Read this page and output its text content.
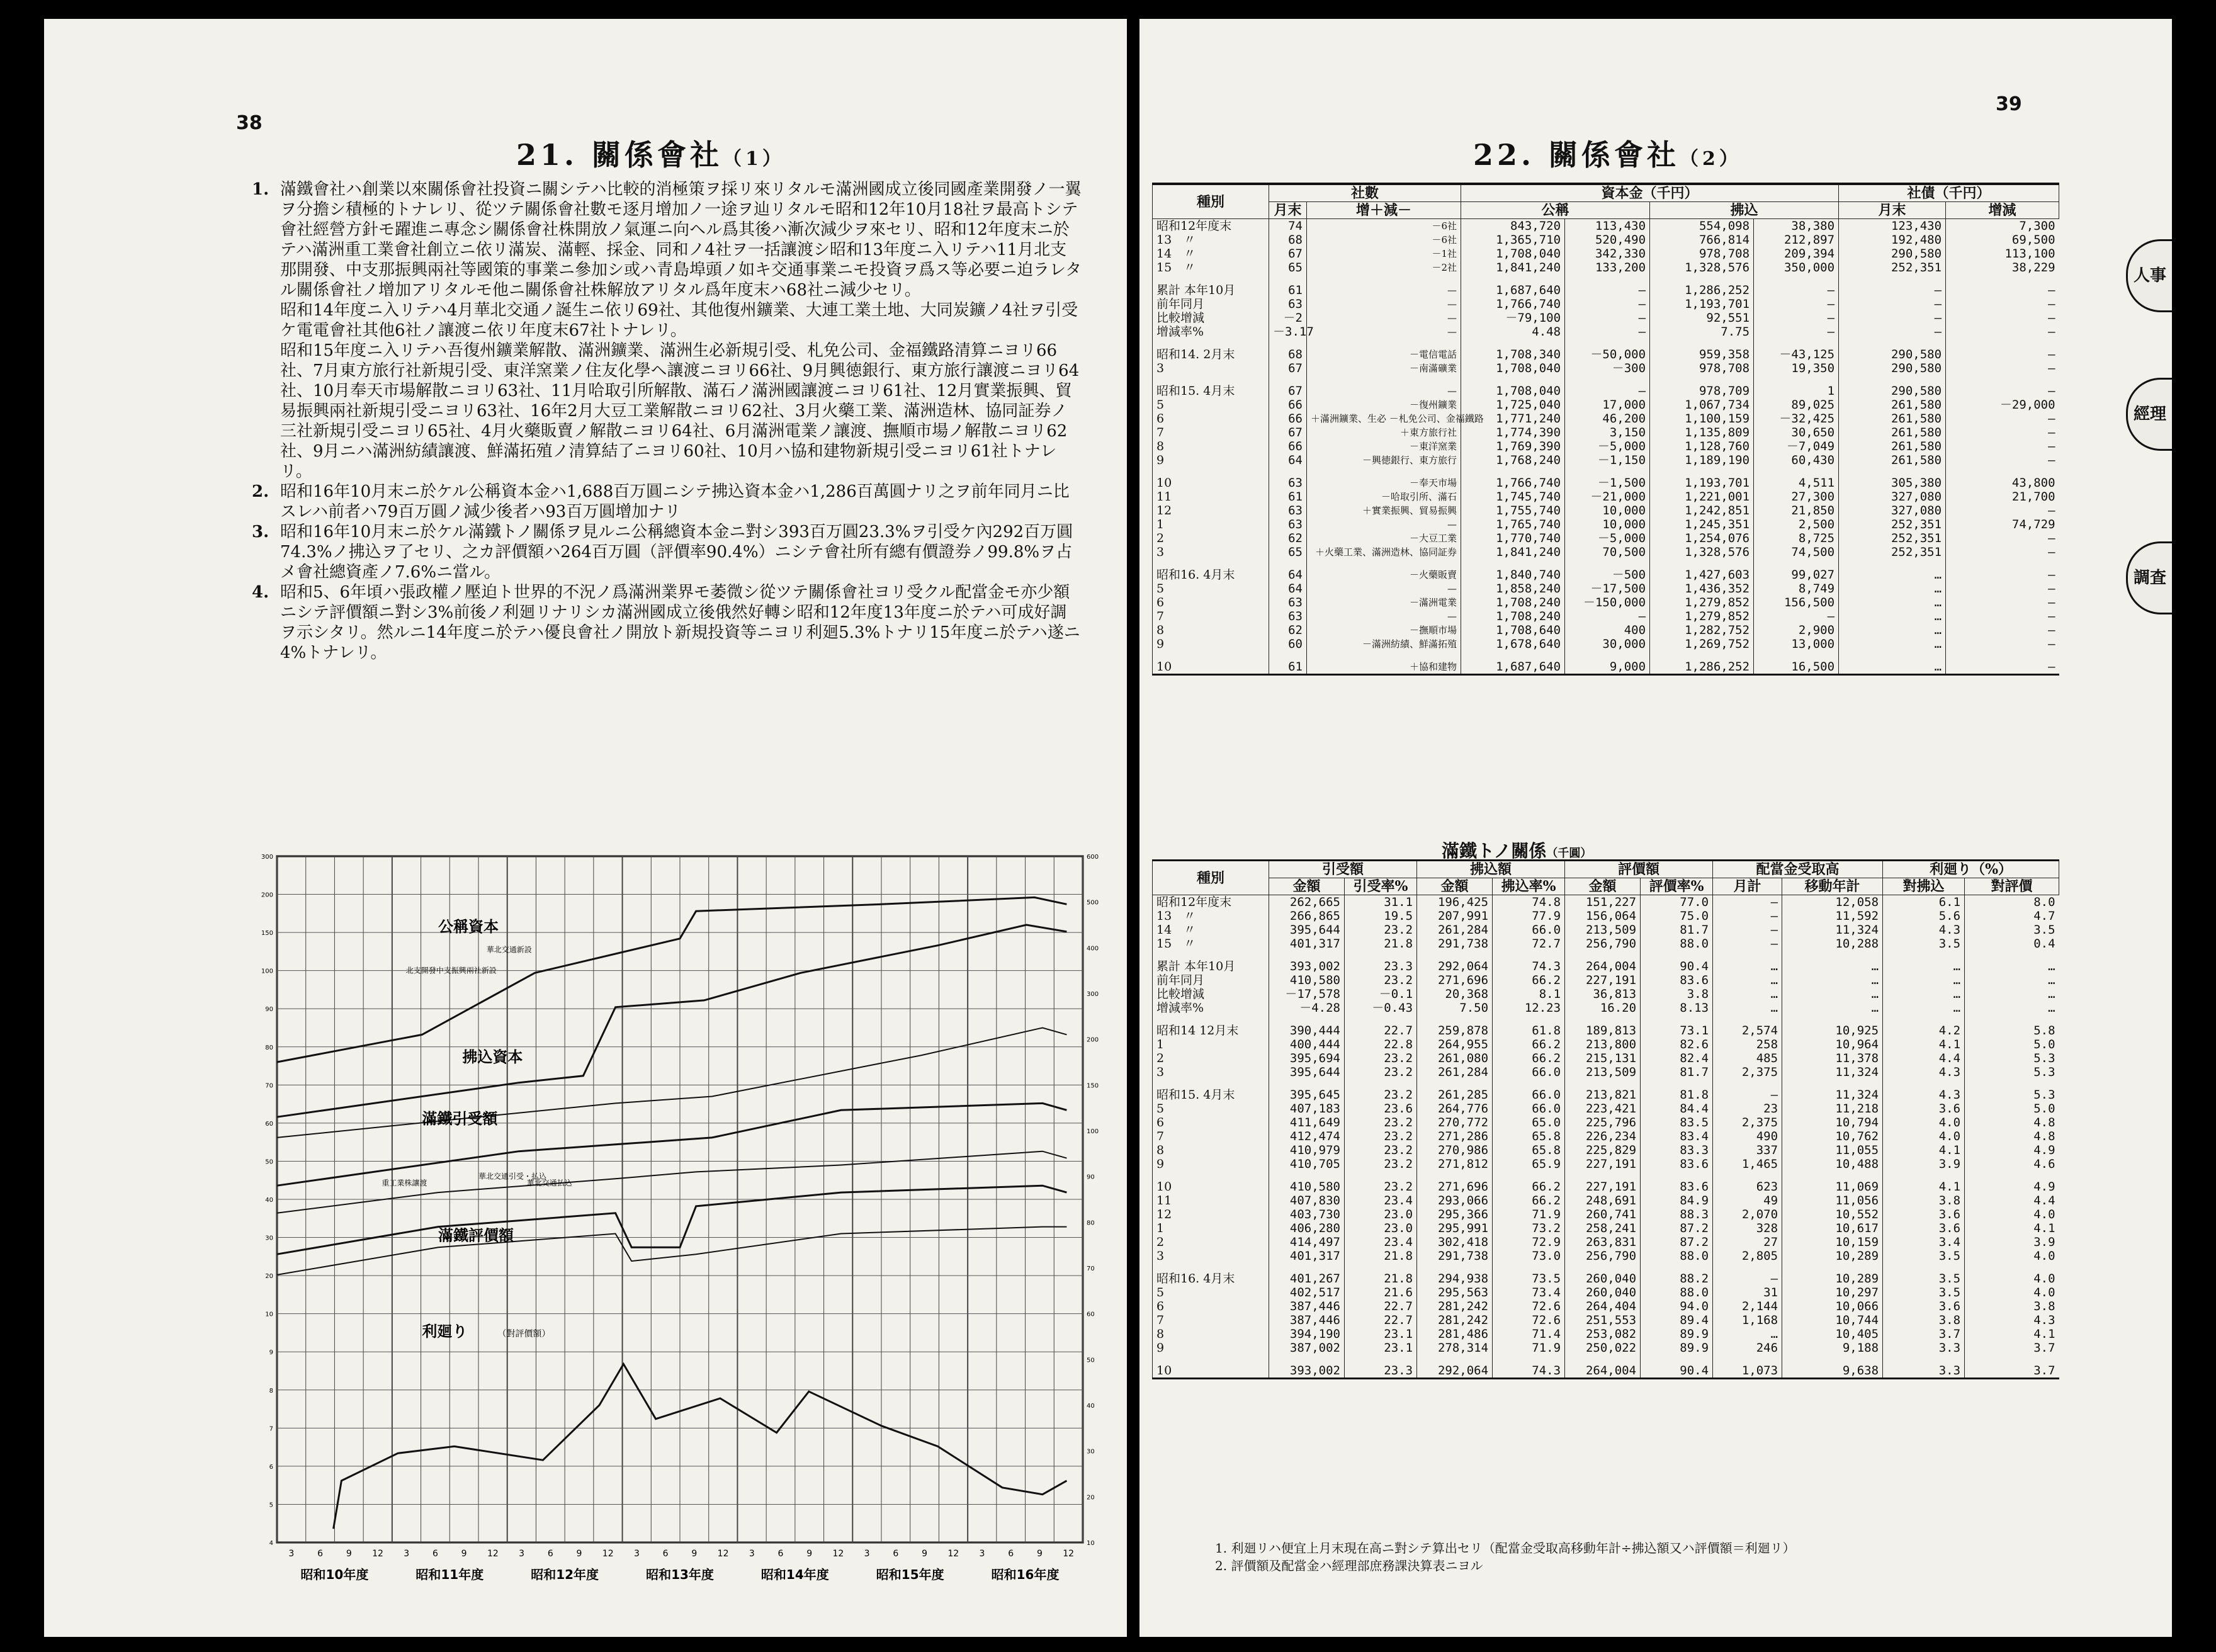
38
21. 關係會社（1）
1. 滿鐵會社ハ創業以來關係會社投資ニ關シテハ比較的消極策ヲ採リ來リタルモ滿洲國成立後同國產業開發ノ一翼ヲ分擔シ積極的トナレリ、從ツテ關係會社數モ逐月增加ノ一途ヲ辿リタルモ昭和12年10月18社ヲ最高トシテ會社經營方針モ躍進ニ專念シ關係會社株開放ノ氣運ニ向ヘル爲其後ハ漸次減少ヲ來セリ、昭和12年度末ニ於テハ滿洲重工業會社創立ニ依リ滿炭、滿輕、採金、同和ノ4社ヲ一括讓渡シ昭和13年度ニ入リテハ11月北支那開發、中支那振興兩社等國策的事業ニ參加シ或ハ青島埠頭ノ如キ交通事業ニモ投資ヲ爲ス等必要ニ迫ラレタル關係會社ノ增加アリタルモ他ニ關係會社株解放アリタル爲年度末ハ68社ニ減少セリ。
昭和14年度ニ入リテハ4月華北交通ノ誕生ニ依リ69社、其他復州鑛業、大連工業土地、大同炭鑛ノ4社ヲ引受ケ電電會社其他6社ノ讓渡ニ依リ年度末67社トナレリ。
昭和15年度ニ入リテハ吾復州鑛業解散、滿洲鑛業、滿洲生必新規引受、札免公司、金福鐵路清算ニヨリ66社、7月東方旅行社新規引受、東洋窯業ノ住友化學ヘ讓渡ニヨリ66社、9月興徳銀行、東方旅行讓渡ニヨリ64社、10月奉天市場解散ニヨリ63社、11月哈取引所解散、滿石ノ滿洲國讓渡ニヨリ61社、12月實業振興、貿易振興兩社新規引受ニヨリ63社、16年2月大豆工業解散ニヨリ62社、3月火藥工業、滿洲造林、協同証券ノ三社新規引受ニヨリ65社、4月火藥販賣ノ解散ニヨリ64社、6月滿洲電業ノ讓渡、撫順市場ノ解散ニヨリ62社、9月ニハ滿洲紡績讓渡、鮮滿拓殖ノ清算結了ニヨリ60社、10月ハ協和建物新規引受ニヨリ61社トナレリ。
2. 昭和16年10月末ニ於ケル公稱資本金ハ1,688百万圓ニシテ拂込資本金ハ1,286百萬圓ナリ之ヲ前年同月ニ比スレハ前者ハ79百万圓ノ減少後者ハ93百万圓增加ナリ
3. 昭和16年10月末ニ於ケル滿鐵トノ關係ヲ見ルニ公稱總資本金ニ對シ393百万圓23.3%ヲ引受ケ內292百万圓74.3%ノ拂込ヲ了セリ、之カ評價額ハ264百万圓（評價率90.4%）ニシテ會社所有總有價證券ノ99.8%ヲ占メ會社總資產ノ7.6%ニ當ル。
4. 昭和5、6年頃ハ張政權ノ壓迫ト世界的不況ノ爲滿洲業界モ萎微シ從ツテ關係會社ヨリ受クル配當金モ亦少額ニシテ評價額ニ對シ3%前後ノ利廻リナリシカ滿洲國成立後俄然好轉シ昭和12年度13年度ニ於テハ可成好調ヲ示シタリ。然ルニ14年度ニ於テハ優良會社ノ開放ト新規投資等ニヨリ利廻5.3%トナリ15年度ニ於テハ遂ニ4%トナレリ。
300
200
150
100
90
80
70
60
50
40
30
20
10
9
8
7
6
5
4
600
500
400
300
200
150
100
90
80
70
60
50
40
30
20
10
3	6	9 12 3	6	9 12 3	6	9 12 3	6	9 12 3	6	9 12 3	6	9 12 3	6	9 12
昭和10年度	昭和11年度	昭和12年度	昭和13年度	昭和14年度	昭和15年度	昭和16年度
公稱資本
拂込資本
滿鐵引受額
滿鐵評價額
利廻り	（對評價額）
北支開發中支振興兩社新設
華北交通新設
重工業株讓渡
華北交通引受・払込
華北交通払込
39
22. 關係會社（2）
種別	社數		資本金（千円）				社債（千円）	
	月末	增＋減－	公稱		拂込		月末	增減
昭和12年度末	74	－6社	843,720	113,430	554,098	38,380	123,430	7,300
13　〃	68	－6社	1,365,710	520,490	766,814	212,897	192,480	69,500
14　〃	67	－1社	1,708,040	342,330	978,708	209,394	290,580	113,100
15　〃	65	－2社	1,841,240	133,200	1,328,576	350,000	252,351	38,229
累計 本年10月	61	—	1,687,640	—	1,286,252	—	—	—
前年同月	63	—	1,766,740	—	1,193,701	—	—	—
比較增減	－2	—	－79,100	—	92,551	—	—	—
增減率%	－3.17	—	4.48	—	7.75	—	—	—
昭和14. 2月末	68	－電信電話	1,708,340	－50,000	959,358	－43,125	290,580	—
3	67	－南滿礦業	1,708,040	－300	978,708	19,350	290,580	—
昭和15. 4月末	67	—	1,708,040	—	978,709	1	290,580	—
5	66	－復州鑛業	1,725,040	17,000	1,067,734	89,025	261,580	－29,000
6	66	＋滿洲鑛業、生必 －札免公司、金福鐵路	1,771,240	46,200	1,100,159	－32,425	261,580	—
7	67	＋東方旅行社	1,774,390	3,150	1,135,809	30,650	261,580	—
8	66	－東洋窯業	1,769,390	－5,000	1,128,760	－7,049	261,580	—
9	64	－興徳銀行、東方旅行	1,768,240	－1,150	1,189,190	60,430	261,580	—
10	63	－奉天市場	1,766,740	－1,500	1,193,701	4,511	305,380	43,800
11	61	－哈取引所、滿石	1,745,740	－21,000	1,221,001	27,300	327,080	21,700
12	63	＋實業振興、貿易振興	1,755,740	10,000	1,242,851	21,850	327,080	—
1	63	—	1,765,740	10,000	1,245,351	2,500	252,351	74,729
2	62	－大豆工業	1,770,740	－5,000	1,254,076	8,725	252,351	—
3	65	＋火藥工業、滿洲造林、協同証券	1,841,240	70,500	1,328,576	74,500	252,351	—
昭和16. 4月末	64	－火藥販賣	1,840,740	－500	1,427,603	99,027	…	—
5	64	—	1,858,240	－17,500	1,436,352	8,749	…	—
6	63	－滿洲電業	1,708,240	－150,000	1,279,852	156,500	…	—
7	63	—	1,708,240	—	1,279,852	—	…	—
8	62	－撫順市場	1,708,640	400	1,282,752	2,900	…	—
9	60	－滿洲紡績、鮮滿拓殖	1,678,640	30,000	1,269,752	13,000	…	—
10	61	＋協和建物	1,687,640	9,000	1,286,252	16,500	…	—
滿鐵トノ關係（千圓）
種別	引受額		拂込額		評價額		配當金受取高		利廻り（%）	
	金額	引受率%	金額	拂込率%	金額	評價率%	月計	移動年計	對拂込	對評價
昭和12年度末	262,665	31.1	196,425	74.8	151,227	77.0	—	12,058	6.1	8.0
13　〃	266,865	19.5	207,991	77.9	156,064	75.0	—	11,592	5.6	4.7
14　〃	395,644	23.2	261,284	66.0	213,509	81.7	—	11,324	4.3	3.5
15　〃	401,317	21.8	291,738	72.7	256,790	88.0	—	10,288	3.5	0.4
累計 本年10月	393,002	23.3	292,064	74.3	264,004	90.4	…	…	…	…
前年同月	410,580	23.2	271,696	66.2	227,191	83.6	…	…	…	…
比較增減	－17,578	－0.1	20,368	8.1	36,813	3.8	…	…	…	…
增減率%	－4.28	－0.43	7.50	12.23	16.20	8.13	…	…	…	…
昭和14 12月末	390,444	22.7	259,878	61.8	189,813	73.1	2,574	10,925	4.2	5.8
1	400,444	22.8	264,955	66.2	213,800	82.6	258	10,964	4.1	5.0
2	395,694	23.2	261,080	66.2	215,131	82.4	485	11,378	4.4	5.3
3	395,644	23.2	261,284	66.0	213,509	81.7	2,375	11,324	4.3	5.3
昭和15. 4月末	395,645	23.2	261,285	66.0	213,821	81.8	—	11,324	4.3	5.3
5	407,183	23.6	264,776	66.0	223,421	84.4	23	11,218	3.6	5.0
6	411,649	23.2	270,772	65.0	225,796	83.5	2,375	10,794	4.0	4.8
7	412,474	23.2	271,286	65.8	226,234	83.4	490	10,762	4.0	4.8
8	410,979	23.2	270,986	65.8	225,829	83.3	337	11,055	4.1	4.9
9	410,705	23.2	271,812	65.9	227,191	83.6	1,465	10,488	3.9	4.6
10	410,580	23.2	271,696	66.2	227,191	83.6	623	11,069	4.1	4.9
11	407,830	23.4	293,066	66.2	248,691	84.9	49	11,056	3.8	4.4
12	403,730	23.0	295,366	71.9	260,741	88.3	2,070	10,552	3.6	4.0
1	406,280	23.0	295,991	73.2	258,241	87.2	328	10,617	3.6	4.1
2	414,497	23.4	302,418	72.9	263,831	87.2	27	10,159	3.4	3.9
3	401,317	21.8	291,738	73.0	256,790	88.0	2,805	10,289	3.5	4.0
昭和16. 4月末	401,267	21.8	294,938	73.5	260,040	88.2	—	10,289	3.5	4.0
5	402,517	21.6	295,563	73.4	260,040	88.0	31	10,297	3.5	4.0
6	387,446	22.7	281,242	72.6	264,404	94.0	2,144	10,066	3.6	3.8
7	387,446	22.7	281,242	72.6	251,553	89.4	1,168	10,744	3.8	4.3
8	394,190	23.1	281,486	71.4	253,082	89.9	…	10,405	3.7	4.1
9	387,002	23.1	278,314	71.9	250,022	89.9	246	9,188	3.3	3.7
10	393,002	23.3	292,064	74.3	264,004	90.4	1,073	9,638	3.3	3.7
1. 利廻リハ便宜上月末現在高ニ對シテ算出セリ（配當金受取高移動年計÷拂込額又ハ評價額＝利廻リ）
2. 評價額及配當金ハ經理部庶務課決算表ニヨル
人事
經理
調査
